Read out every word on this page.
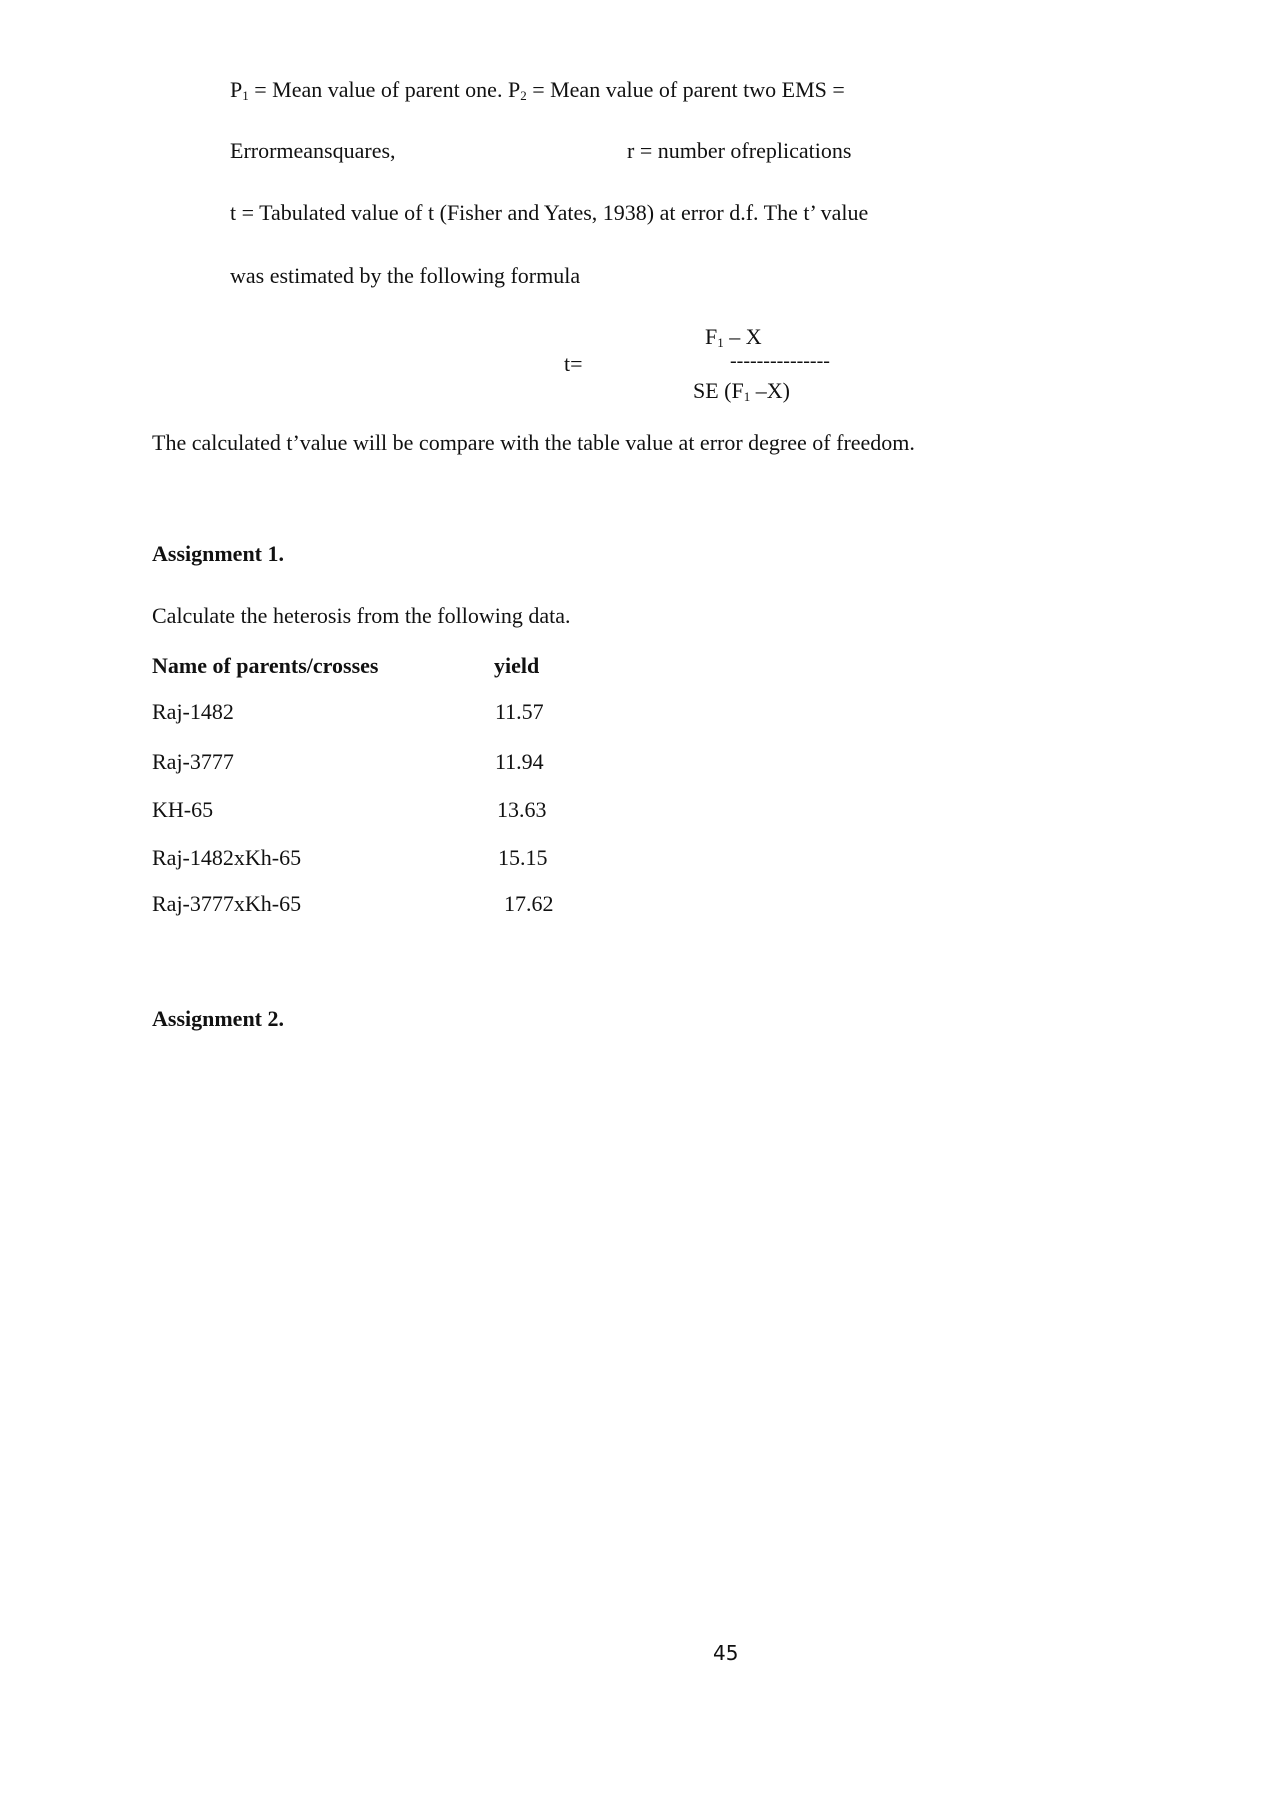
$P_1$ = Mean value of parent one. $P_2$ = Mean value of parent two EMS =
Errormeansquares,	r = number ofreplications
t = Tabulated value of t (Fisher and Yates, 1938) at error d.f. The t’ value
was estimated by the following formula
t=
$F_1$ – X
---------------
SE ($F_1$ –X)
The calculated t’value will be compare with the table value at error degree of freedom.
Assignment 1.
Calculate the heterosis from the following data.
Name of parents/crosses	yield
Raj-1482	11.57
Raj-3777	11.94
KH-65	13.63
Raj-1482xKh-65	15.15
Raj-3777xKh-65	17.62
Assignment 2.
45
